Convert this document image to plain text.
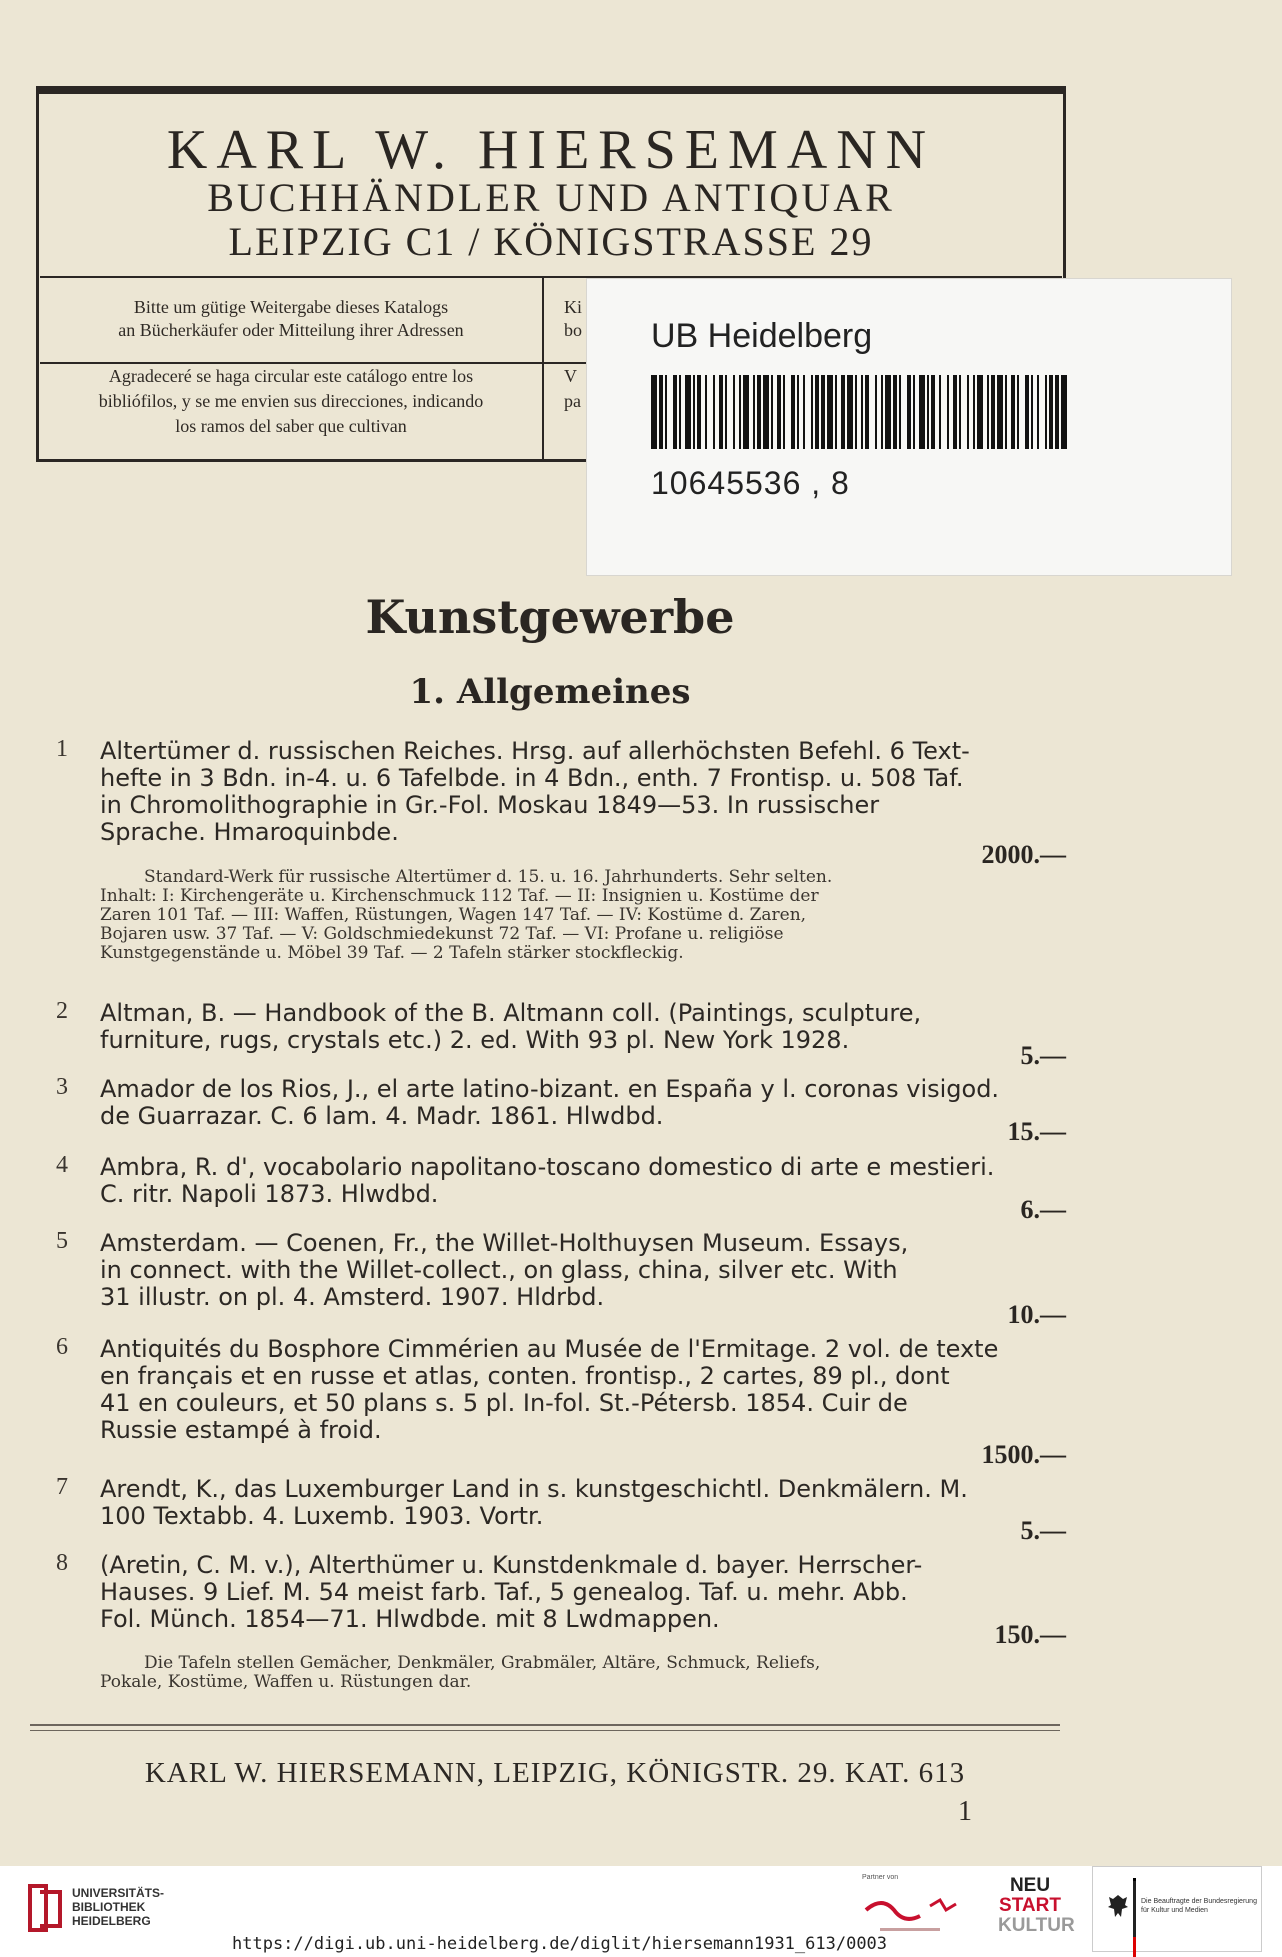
KARL W. HIERSEMANN
BUCHHÄNDLER UND ANTIQUAR
LEIPZIG C1 / KÖNIGSTRASSE 29
Bitte um gütige Weitergabe dieses Katalogs
an Bücherkäufer oder Mitteilung ihrer Adressen
Agradeceré se haga circular este catálogo entre los
bibliófilos, y se me envien sus direcciones, indicando
los ramos del saber que cultivan
Ki
bo
V
pa
UB Heidelberg
10645536 , 8
Kunstgewerbe
1. Allgemeines
1 Altertümer d. russischen Reiches. Hrsg. auf allerhöchsten Befehl. 6 Text-
hefte in 3 Bdn. in-4. u. 6 Tafelbde. in 4 Bdn., enth. 7 Frontisp. u. 508 Taf.
in Chromolithographie in Gr.-Fol. Moskau 1849—53. In russischer
Sprache. Hmaroquinbde.
2000.—
Standard-Werk für russische Altertümer d. 15. u. 16. Jahrhunderts. Sehr selten.
Inhalt: I: Kirchengeräte u. Kirchenschmuck 112 Taf. — II: Insignien u. Kostüme der
Zaren 101 Taf. — III: Waffen, Rüstungen, Wagen 147 Taf. — IV: Kostüme d. Zaren,
Bojaren usw. 37 Taf. — V: Goldschmiedekunst 72 Taf. — VI: Profane u. religiöse
Kunstgegenstände u. Möbel 39 Taf. — 2 Tafeln stärker stockfleckig.
2 Altman, B. — Handbook of the B. Altmann coll. (Paintings, sculpture,
furniture, rugs, crystals etc.) 2. ed. With 93 pl. New York 1928.
5.—
3 Amador de los Rios, J., el arte latino-bizant. en España y l. coronas visigod.
de Guarrazar. C. 6 lam. 4. Madr. 1861. Hlwdbd.
15.—
4 Ambra, R. d', vocabolario napolitano-toscano domestico di arte e mestieri.
C. ritr. Napoli 1873. Hlwdbd.
6.—
5 Amsterdam. — Coenen, Fr., the Willet-Holthuysen Museum. Essays,
in connect. with the Willet-collect., on glass, china, silver etc. With
31 illustr. on pl. 4. Amsterd. 1907. Hldrbd.
10.—
6 Antiquités du Bosphore Cimmérien au Musée de l'Ermitage. 2 vol. de texte
en français et en russe et atlas, conten. frontisp., 2 cartes, 89 pl., dont
41 en couleurs, et 50 plans s. 5 pl. In-fol. St.-Pétersb. 1854. Cuir de
Russie estampé à froid.
1500.—
7 Arendt, K., das Luxemburger Land in s. kunstgeschichtl. Denkmälern. M.
100 Textabb. 4. Luxemb. 1903. Vortr.	5.—
8 (Aretin, C. M. v.), Alterthümer u. Kunstdenkmale d. bayer. Herrscher-
Hauses. 9 Lief. M. 54 meist farb. Taf., 5 genealog. Taf. u. mehr. Abb.
Fol. Münch. 1854—71. Hlwdbde. mit 8 Lwdmappen.
150.—
Die Tafeln stellen Gemächer, Denkmäler, Grabmäler, Altäre, Schmuck, Reliefs,
Pokale, Kostüme, Waffen u. Rüstungen dar.
KARL W. HIERSEMANN, LEIPZIG, KÖNIGSTR. 29. KAT. 613
1
UNIVERSITÄTS-
BIBLIOTHEK
HEIDELBERG
Partner von	NEU
START
KULTUR
Die Beauftragte der Bundesregierung
für Kultur und Medien
https://digi.ub.uni-heidelberg.de/diglit/hiersemann1931_613/0003
